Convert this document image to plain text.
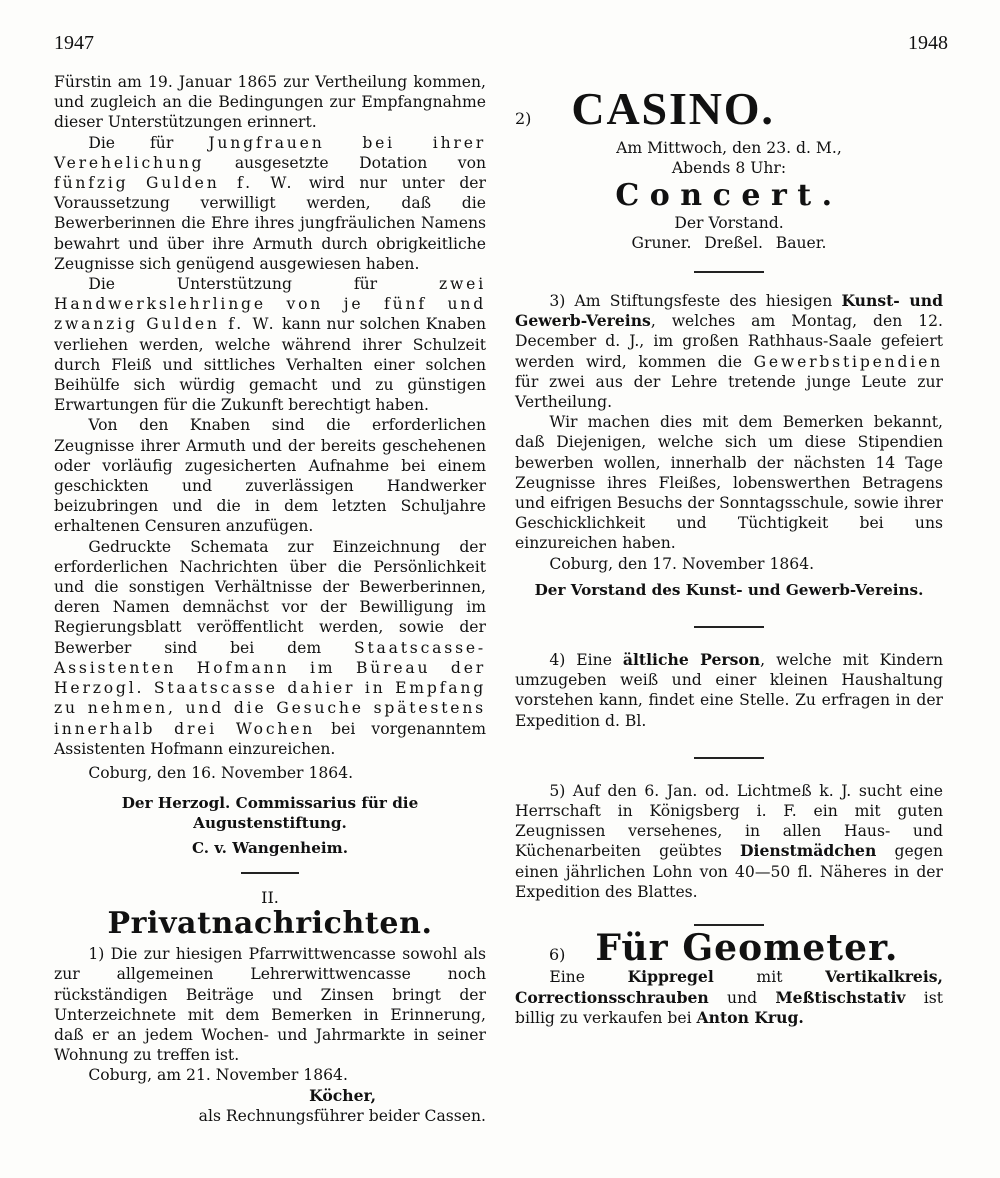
1947	1948

Fürstin am 19. Januar 1865 zur Vertheilung kommen, und zugleich an die Bedingungen zur Empfangnahme dieser Unterstützungen erinnert.

Die für Jungfrauen bei ihrer Verehelichung ausgesetzte Dotation von fünfzig Gulden f. W. wird nur unter der Voraussetzung verwilligt werden, daß die Bewerberinnen die Ehre ihres jungfräulichen Namens bewahrt und über ihre Armuth durch obrigkeitliche Zeugnisse sich genügend ausgewiesen haben.

Die Unterstützung für zwei Handwerkslehrlinge von je fünf und zwanzig Gulden f. W. kann nur solchen Knaben verliehen werden, welche während ihrer Schulzeit durch Fleiß und sittliches Verhalten einer solchen Beihülfe sich würdig gemacht und zu günstigen Erwartungen für die Zukunft berechtigt haben.

Von den Knaben sind die erforderlichen Zeugnisse ihrer Armuth und der bereits geschehenen oder vorläufig zugesicherten Aufnahme bei einem geschickten und zuverlässigen Handwerker beizubringen und die in dem letzten Schuljahre erhaltenen Censuren anzufügen.

Gedruckte Schemata zur Einzeichnung der erforderlichen Nachrichten über die Persönlichkeit und die sonstigen Verhältnisse der Bewerberinnen, deren Namen demnächst vor der Bewilligung im Regierungsblatt veröffentlicht werden, sowie der Bewerber sind bei dem Staatscasse-Assistenten Hofmann im Büreau der Herzogl. Staatscasse dahier in Empfang zu nehmen, und die Gesuche spätestens innerhalb drei Wochen bei vorgenanntem Assistenten Hofmann einzureichen.

Coburg, den 16. November 1864.

Der Herzogl. Commissarius für die Augustenstiftung.
C. v. Wangenheim.
II.
Privatnachrichten.

1) Die zur hiesigen Pfarrwittwencasse sowohl als zur allgemeinen Lehrerwittwencasse noch rückständigen Beiträge und Zinsen bringt der Unterzeichnete mit dem Bemerken in Erinnerung, daß er an jedem Wochen- und Jahrmarkte in seiner Wohnung zu treffen ist.

Coburg, am 21. November 1864.

Köcher,

als Rechnungsführer beider Cassen.

2) CASINO.
Am Mittwoch, den 23. d. M.,
Abends 8 Uhr:
Concert.
Der Vorstand.
Gruner. Dreßel. Bauer.

3) Am Stiftungsfeste des hiesigen Kunst- und Gewerb-Vereins, welches am Montag, den 12. December d. J., im großen Rathhaus-Saale gefeiert werden wird, kommen die Gewerbstipendien für zwei aus der Lehre tretende junge Leute zur Vertheilung.

Wir machen dies mit dem Bemerken bekannt, daß Diejenigen, welche sich um diese Stipendien bewerben wollen, innerhalb der nächsten 14 Tage Zeugnisse ihres Fleißes, lobenswerthen Betragens und eifrigen Besuchs der Sonntagsschule, sowie ihrer Geschicklichkeit und Tüchtigkeit bei uns einzureichen haben.

Coburg, den 17. November 1864.

Der Vorstand des Kunst- und Gewerb-Vereins.

4) Eine ältliche Person, welche mit Kindern umzugeben weiß und einer kleinen Haushaltung vorstehen kann, findet eine Stelle. Zu erfragen in der Expedition d. Bl.

5) Auf den 6. Jan. od. Lichtmeß k. J. sucht eine Herrschaft in Königsberg i. F. ein mit guten Zeugnissen versehenes, in allen Haus- und Küchenarbeiten geübtes Dienstmädchen gegen einen jährlichen Lohn von 40—50 fl. Näheres in der Expedition des Blattes.

6) Für Geometer.

Eine Kippregel mit Vertikalkreis, Correctionsschrauben und Meßtischstativ ist billig zu verkaufen bei Anton Krug.
